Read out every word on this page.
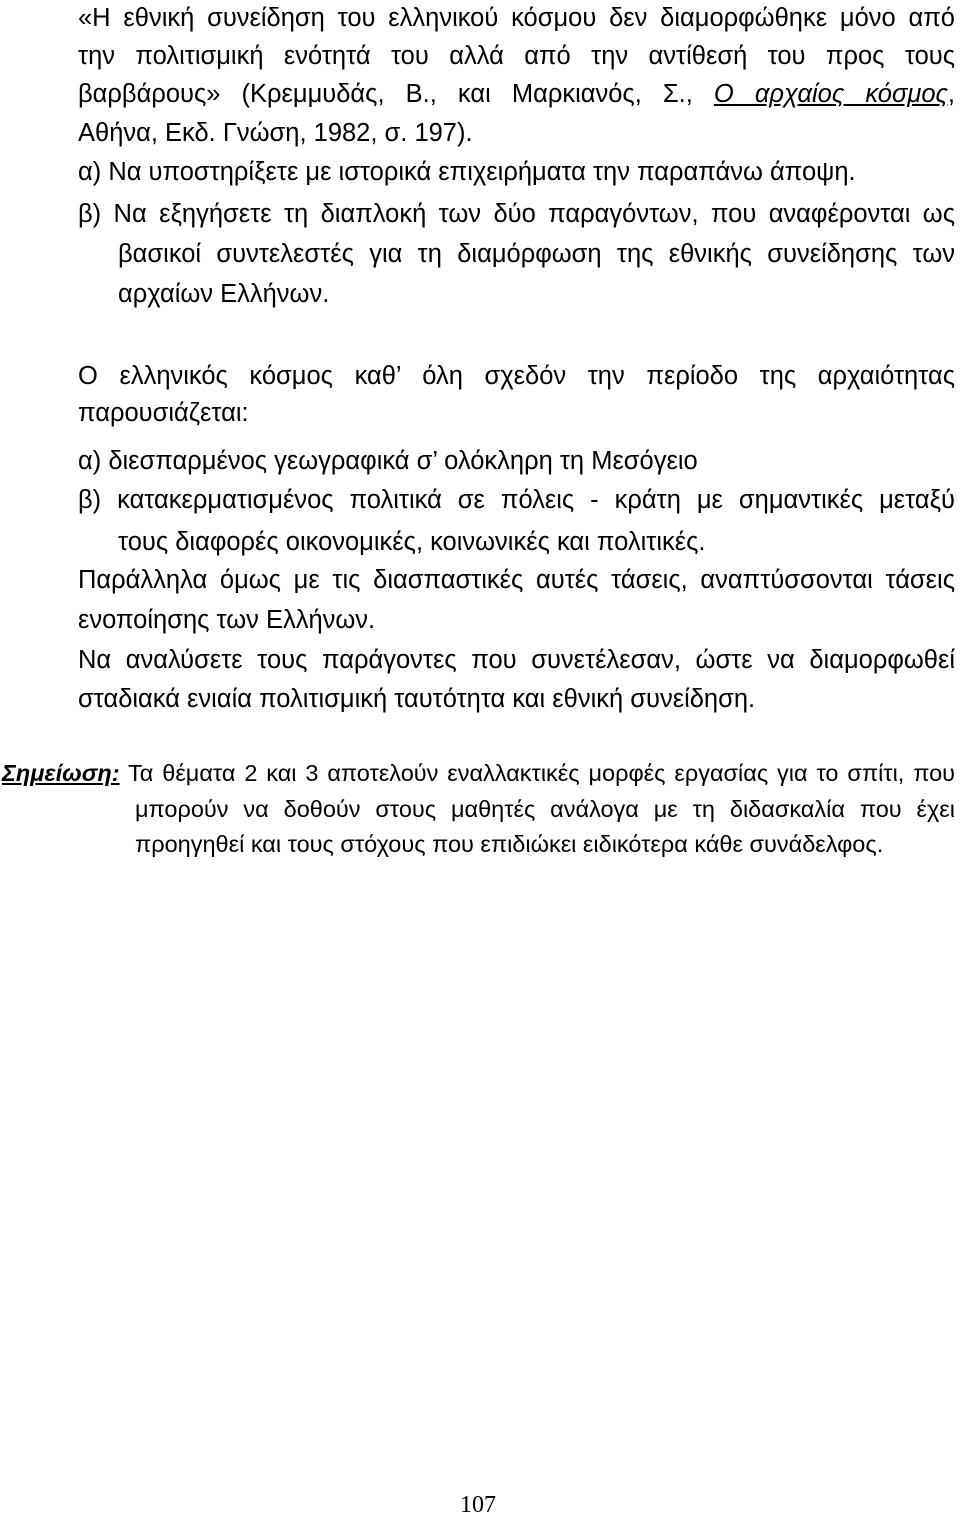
«Η εθνική συνείδηση του ελληνικού κόσμου δεν διαμορφώθηκε μόνο από
την πολιτισμική ενότητά του αλλά από την αντίθεσή του προς τους
βαρβάρους» (Κρεμμυδάς, Β., και Μαρκιανός, Σ., Ο αρχαίος κόσμος,
Αθήνα, Εκδ. Γνώση, 1982, σ. 197).
α) Να υποστηρίξετε με ιστορικά επιχειρήματα την παραπάνω άποψη.
β) Να εξηγήσετε τη διαπλοκή των δύο παραγόντων, που αναφέρονται ως
βασικοί συντελεστές για τη διαμόρφωση της εθνικής συνείδησης των
αρχαίων Ελλήνων.
Ο ελληνικός κόσμος καθ’ όλη σχεδόν την περίοδο της αρχαιότητας
παρουσιάζεται:
α) διεσπαρμένος γεωγραφικά σ’ ολόκληρη τη Μεσόγειο
β) κατακερματισμένος πολιτικά σε πόλεις - κράτη με σημαντικές μεταξύ
τους διαφορές οικονομικές, κοινωνικές και πολιτικές.
Παράλληλα όμως με τις διασπαστικές αυτές τάσεις, αναπτύσσονται τάσεις
ενοποίησης των Ελλήνων.
Να αναλύσετε τους παράγοντες που συνετέλεσαν, ώστε να διαμορφωθεί
σταδιακά ενιαία πολιτισμική ταυτότητα και εθνική συνείδηση.
Σημείωση: Τα θέματα 2 και 3 αποτελούν εναλλακτικές μορφές εργασίας για το σπίτι, που
μπορούν να δοθούν στους μαθητές ανάλογα με τη διδασκαλία που έχει
προηγηθεί και τους στόχους που επιδιώκει ειδικότερα κάθε συνάδελφος.
107
